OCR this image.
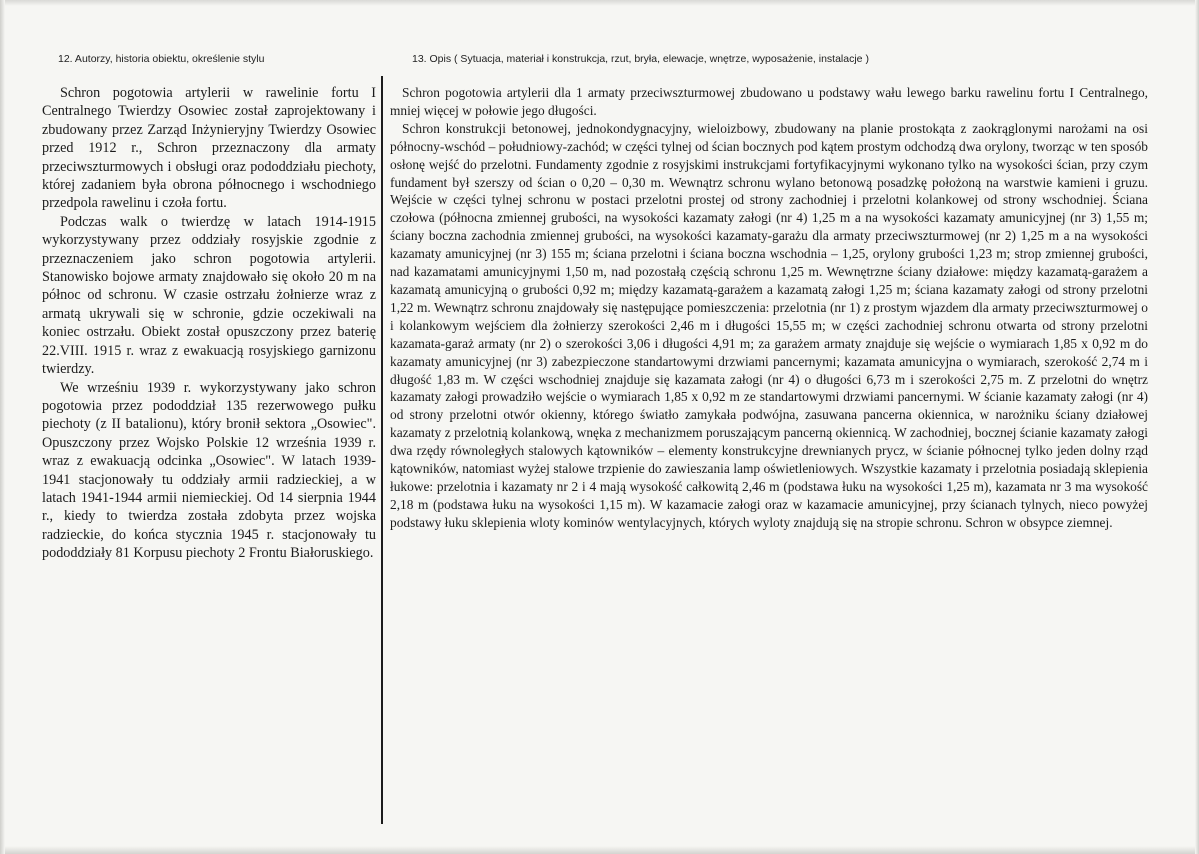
12. Autorzy, historia obiektu, określenie stylu	13. Opis ( Sytuacja, materiał i konstrukcja, rzut, bryła, elewacje, wnętrze, wyposażenie, instalacje )

Schron pogotowia artylerii w rawelinie fortu I Centralnego Twierdzy Osowiec został zaprojektowany i zbudowany przez Zarząd Inżynieryjny Twierdzy Osowiec przed 1912 r., Schron przeznaczony dla armaty przeciwszturmowych i obsługi oraz pododdziału piechoty, której zadaniem była obrona północnego i wschodniego przedpola rawelinu i czoła fortu.

Podczas walk o twierdzę w latach 1914-1915 wykorzystywany przez oddziały rosyjskie zgodnie z przeznaczeniem jako schron pogotowia artylerii. Stanowisko bojowe armaty znajdowało się około 20 m na północ od schronu. W czasie ostrzału żołnierze wraz z armatą ukrywali się w schronie, gdzie oczekiwali na koniec ostrzału. Obiekt został opuszczony przez baterię 22.VIII. 1915 r. wraz z ewakuacją rosyjskiego garnizonu twierdzy.

We wrześniu 1939 r. wykorzystywany jako schron pogotowia przez pododdział 135 rezerwowego pułku piechoty (z II batalionu), który bronił sektora „Osowiec". Opuszczony przez Wojsko Polskie 12 września 1939 r. wraz z ewakuacją odcinka „Osowiec". W latach 1939-1941 stacjonowały tu oddziały armii radzieckiej, a w latach 1941-1944 armii niemieckiej. Od 14 sierpnia 1944 r., kiedy to twierdza została zdobyta przez wojska radzieckie, do końca stycznia 1945 r. stacjonowały tu pododdziały 81 Korpusu piechoty 2 Frontu Białoruskiego.

Schron pogotowia artylerii dla 1 armaty przeciwszturmowej zbudowano u podstawy wału lewego barku rawelinu fortu I Centralnego, mniej więcej w połowie jego długości.

Schron konstrukcji betonowej, jednokondygnacyjny, wieloizbowy, zbudowany na planie prostokąta z zaokrąglonymi narożami na osi północny-wschód – południowy-zachód; w części tylnej od ścian bocznych pod kątem prostym odchodzą dwa orylony, tworząc w ten sposób osłonę wejść do przelotni. Fundamenty zgodnie z rosyjskimi instrukcjami fortyfikacyjnymi wykonano tylko na wysokości ścian, przy czym fundament był szerszy od ścian o 0,20 – 0,30 m. Wewnątrz schronu wylano betonową posadzkę położoną na warstwie kamieni i gruzu. Wejście w części tylnej schronu w postaci przelotni prostej od strony zachodniej i przelotni kolankowej od strony wschodniej. Ściana czołowa (północna zmiennej grubości, na wysokości kazamaty załogi (nr 4) 1,25 m a na wysokości kazamaty amunicyjnej (nr 3) 1,55 m; ściany boczna zachodnia zmiennej grubości, na wysokości kazamaty-garażu dla armaty przeciwszturmowej (nr 2) 1,25 m a na wysokości kazamaty amunicyjnej (nr 3) 155 m; ściana przelotni i ściana boczna wschodnia – 1,25, orylony grubości 1,23 m; strop zmiennej grubości, nad kazamatami amunicyjnymi 1,50 m, nad pozostałą częścią schronu 1,25 m. Wewnętrzne ściany działowe: między kazamatą-garażem a kazamatą amunicyjną o grubości 0,92 m; między kazamatą-garażem a kazamatą załogi 1,25 m; ściana kazamaty załogi od strony przelotni 1,22 m. Wewnątrz schronu znajdowały się następujące pomieszczenia: przelotnia (nr 1) z prostym wjazdem dla armaty przeciwszturmowej o i kolankowym wejściem dla żołnierzy szerokości 2,46 m i długości 15,55 m; w części zachodniej schronu otwarta od strony przelotni kazamata-garaż armaty (nr 2) o szerokości 3,06 i długości 4,91 m; za garażem armaty znajduje się wejście o wymiarach 1,85 x 0,92 m do kazamaty amunicyjnej (nr 3) zabezpieczone standartowymi drzwiami pancernymi; kazamata amunicyjna o wymiarach, szerokość 2,74 m i długość 1,83 m. W części wschodniej znajduje się kazamata załogi (nr 4) o długości 6,73 m i szerokości 2,75 m. Z przelotni do wnętrz kazamaty załogi prowadziło wejście o wymiarach 1,85 x 0,92 m ze standartowymi drzwiami pancernymi. W ścianie kazamaty załogi (nr 4) od strony przelotni otwór okienny, którego światło zamykała podwójna, zasuwana pancerna okiennica, w narożniku ściany działowej kazamaty z przelotnią kolankową, wnęka z mechanizmem poruszającym pancerną okiennicą. W zachodniej, bocznej ścianie kazamaty załogi dwa rzędy równoległych stalowych kątowników – elementy konstrukcyjne drewnianych prycz, w ścianie północnej tylko jeden dolny rząd kątowników, natomiast wyżej stalowe trzpienie do zawieszania lamp oświetleniowych. Wszystkie kazamaty i przelotnia posiadają sklepienia łukowe: przelotnia i kazamaty nr 2 i 4 mają wysokość całkowitą 2,46 m (podstawa łuku na wysokości 1,25 m), kazamata nr 3 ma wysokość 2,18 m (podstawa łuku na wysokości 1,15 m). W kazamacie załogi oraz w kazamacie amunicyjnej, przy ścianach tylnych, nieco powyżej podstawy łuku sklepienia wloty kominów wentylacyjnych, których wyloty znajdują się na stropie schronu. Schron w obsypce ziemnej.
